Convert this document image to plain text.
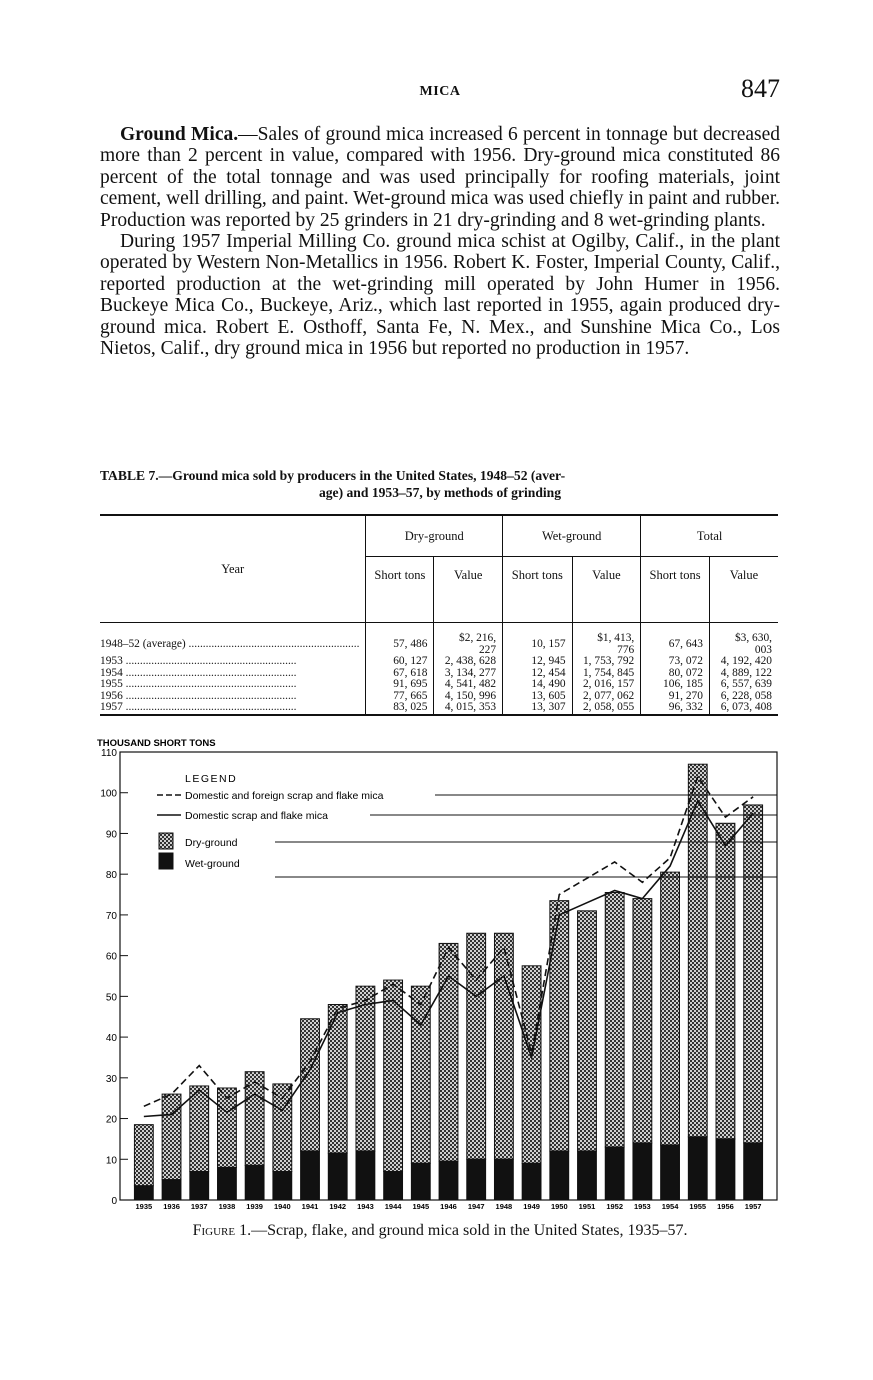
MICA	847

Ground Mica.—Sales of ground mica increased 6 percent in tonnage but decreased more than 2 percent in value, compared with 1956. Dry-ground mica constituted 86 percent of the total tonnage and was used principally for roofing materials, joint cement, well drilling, and paint. Wet-ground mica was used chiefly in paint and rubber. Production was reported by 25 grinders in 21 dry-grinding and 8 wet-grinding plants.

During 1957 Imperial Milling Co. ground mica schist at Ogilby, Calif., in the plant operated by Western Non-Metallics in 1956. Robert K. Foster, Imperial County, Calif., reported production at the wet-grinding mill operated by John Humer in 1956. Buckeye Mica Co., Buckeye, Ariz., which last reported in 1955, again produced dry-ground mica. Robert E. Osthoff, Santa Fe, N. Mex., and Sunshine Mica Co., Los Nietos, Calif., dry ground mica in 1956 but reported no production in 1957.

TABLE 7.—Ground mica sold by producers in the United States, 1948–52 (aver-
age) and 1953–57, by methods of grinding
Year	Dry-ground		Wet-ground		Total	
	Short tons	Value	Short tons	Value	Short tons	Value
1948–52 (average) ............................................................	57, 486	$2, 216, 227	10, 157	$1, 413, 776	67, 643	$3, 630, 003
1953 ............................................................	60, 127	2, 438, 628	12, 945	1, 753, 792	73, 072	4, 192, 420
1954 ............................................................	67, 618	3, 134, 277	12, 454	1, 754, 845	80, 072	4, 889, 122
1955 ............................................................	91, 695	4, 541, 482	14, 490	2, 016, 157	106, 185	6, 557, 639
1956 ............................................................	77, 665	4, 150, 996	13, 605	2, 077, 062	91, 270	6, 228, 058
1957 ............................................................	83, 025	4, 015, 353	13, 307	2, 058, 055	96, 332	6, 073, 408
THOUSAND SHORT TONS
0
10
20
30
40
50
60
70
80
90
100
110
1935 1936 1937 1938 1939 1940 1941 1942 1943 1944 1945 1946 1947 1948 1949 1950 1951 1952 1953 1954 1955 1956 1957
LEGEND
Domestic and foreign scrap and flake mica
Domestic scrap and flake mica
Dry-ground
Wet-ground
Figure 1.—Scrap, flake, and ground mica sold in the United States, 1935–57.
